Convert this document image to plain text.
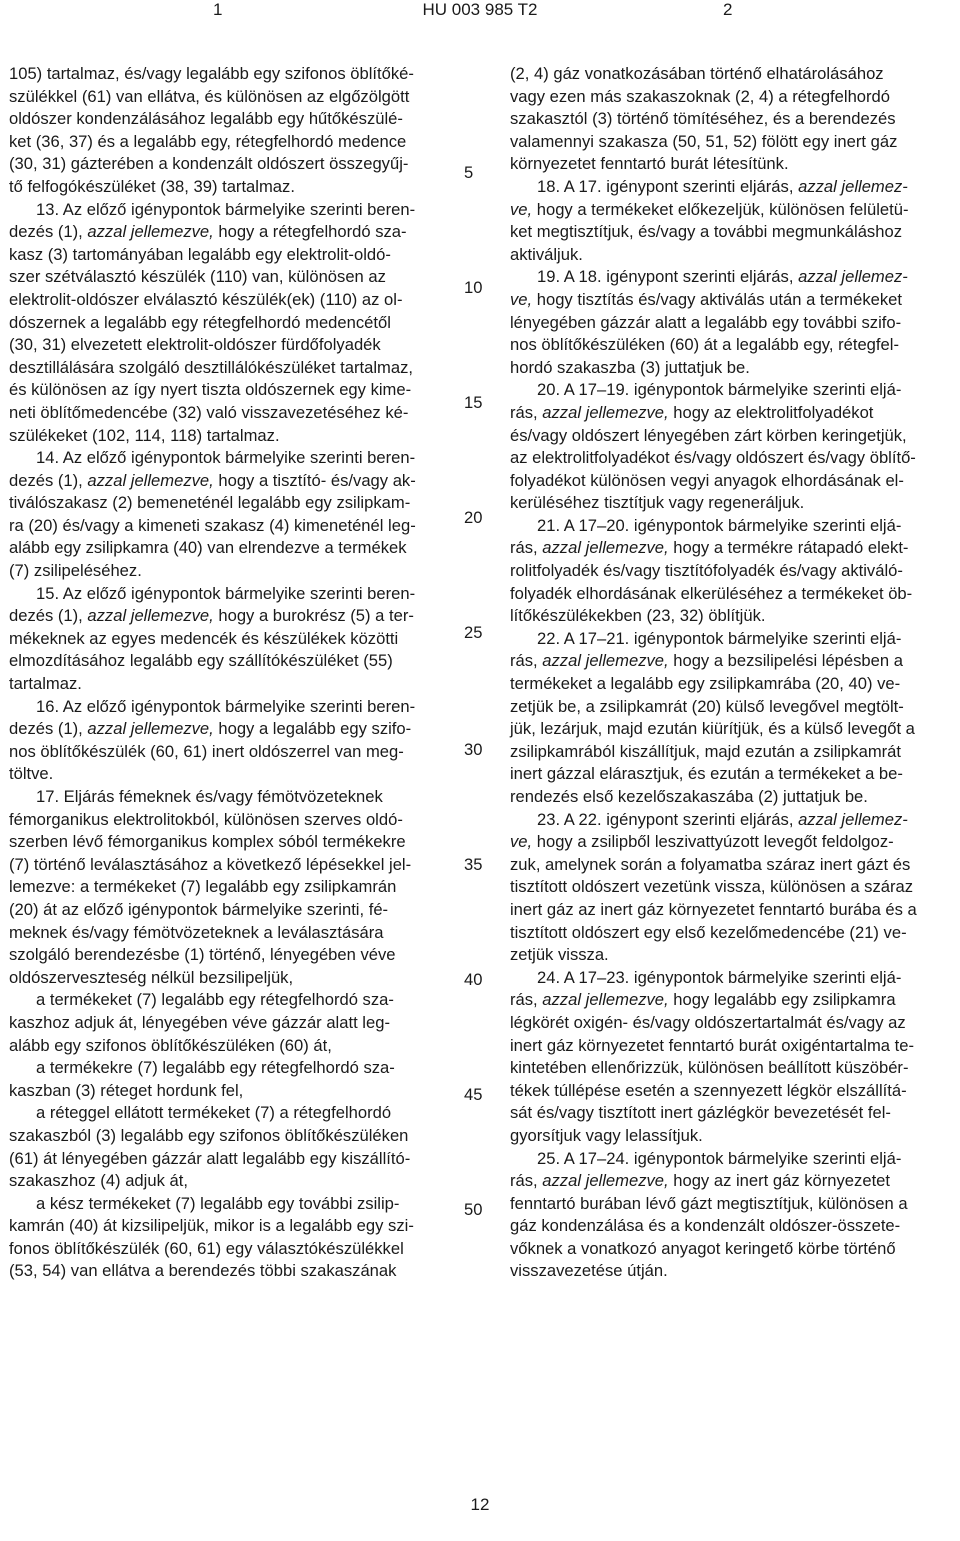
1	HU 003 985 T2	2

105) tartalmaz, és/vagy legalább egy szifonos öblítőké-
szülékkel (61) van ellátva, és különösen az elgőzölgött
oldószer kondenzálásához legalább egy hűtőkészülé-
ket (36, 37) és a legalább egy, rétegfelhordó medence
(30, 31) gázterében a kondenzált oldószert összegyűj-
tő felfogókészüléket (38, 39) tartalmaz.

13. Az előző igénypontok bármelyike szerinti beren-
dezés (1), azzal jellemezve, hogy a rétegfelhordó sza-
kasz (3) tartományában legalább egy elektrolit-oldó-
szer szétválasztó készülék (110) van, különösen az
elektrolit-oldószer elválasztó készülék(ek) (110) az ol-
dószernek a legalább egy rétegfelhordó medencétől
(30, 31) elvezetett elektrolit-oldószer fürdőfolyadék
desztillálására szolgáló desztillálókészüléket tartalmaz,
és különösen az így nyert tiszta oldószernek egy kime-
neti öblítőmedencébe (32) való visszavezetéséhez ké-
szülékeket (102, 114, 118) tartalmaz.

14. Az előző igénypontok bármelyike szerinti beren-
dezés (1), azzal jellemezve, hogy a tisztító- és/vagy ak-
tiválószakasz (2) bemeneténél legalább egy zsilipkam-
ra (20) és/vagy a kimeneti szakasz (4) kimeneténél leg-
alább egy zsilipkamra (40) van elrendezve a termékek
(7) zsilipeléséhez.

15. Az előző igénypontok bármelyike szerinti beren-
dezés (1), azzal jellemezve, hogy a burokrész (5) a ter-
mékeknek az egyes medencék és készülékek közötti
elmozdításához legalább egy szállítókészüléket (55)
tartalmaz.

16. Az előző igénypontok bármelyike szerinti beren-
dezés (1), azzal jellemezve, hogy a legalább egy szifo-
nos öblítőkészülék (60, 61) inert oldószerrel van meg-
töltve.

17. Eljárás fémeknek és/vagy fémötvözeteknek
fémorganikus elektrolitokból, különösen szerves oldó-
szerben lévő fémorganikus komplex sóból termékekre
(7) történő leválasztásához a következő lépésekkel jel-
lemezve: a termékeket (7) legalább egy zsilipkamrán
(20) át az előző igénypontok bármelyike szerinti, fé-
meknek és/vagy fémötvözeteknek a leválasztására
szolgáló berendezésbe (1) történő, lényegében véve
oldószerveszteség nélkül bezsilipeljük,

a termékeket (7) legalább egy rétegfelhordó sza-
kaszhoz adjuk át, lényegében véve gázzár alatt leg-
alább egy szifonos öblítőkészüléken (60) át,

a termékekre (7) legalább egy rétegfelhordó sza-
kaszban (3) réteget hordunk fel,

a réteggel ellátott termékeket (7) a rétegfelhordó
szakaszból (3) legalább egy szifonos öblítőkészüléken
(61) át lényegében gázzár alatt legalább egy kiszállító-
szakaszhoz (4) adjuk át,

a kész termékeket (7) legalább egy további zsilip-
kamrán (40) át kizsilipeljük, mikor is a legalább egy szi-
fonos öblítőkészülék (60, 61) egy választókészülékkel
(53, 54) van ellátva a berendezés többi szakaszának

(2, 4) gáz vonatkozásában történő elhatárolásához
vagy ezen más szakaszoknak (2, 4) a rétegfelhordó
szakasztól (3) történő tömítéséhez, és a berendezés
valamennyi szakasza (50, 51, 52) fölött egy inert gáz
környezetet fenntartó burát létesítünk.

18. A 17. igénypont szerinti eljárás, azzal jellemez-
ve, hogy a termékeket előkezeljük, különösen felületü-
ket megtisztítjuk, és/vagy a további megmunkáláshoz
aktiváljuk.

19. A 18. igénypont szerinti eljárás, azzal jellemez-
ve, hogy tisztítás és/vagy aktiválás után a termékeket
lényegében gázzár alatt a legalább egy további szifo-
nos öblítőkészüléken (60) át a legalább egy, rétegfel-
hordó szakaszba (3) juttatjuk be.

20. A 17–19. igénypontok bármelyike szerinti eljá-
rás, azzal jellemezve, hogy az elektrolitfolyadékot
és/vagy oldószert lényegében zárt körben keringetjük,
az elektrolitfolyadékot és/vagy oldószert és/vagy öblítő-
folyadékot különösen vegyi anyagok elhordásának el-
kerüléséhez tisztítjuk vagy regeneráljuk.

21. A 17–20. igénypontok bármelyike szerinti eljá-
rás, azzal jellemezve, hogy a termékre rátapadó elekt-
rolitfolyadék és/vagy tisztítófolyadék és/vagy aktiváló-
folyadék elhordásának elkerüléséhez a termékeket öb-
lítőkészülékekben (23, 32) öblítjük.

22. A 17–21. igénypontok bármelyike szerinti eljá-
rás, azzal jellemezve, hogy a bezsilipelési lépésben a
termékeket a legalább egy zsilipkamrába (20, 40) ve-
zetjük be, a zsilipkamrát (20) külső levegővel megtölt-
jük, lezárjuk, majd ezután kiürítjük, és a külső levegőt a
zsilipkamrából kiszállítjuk, majd ezután a zsilipkamrát
inert gázzal elárasztjuk, és ezután a termékeket a be-
rendezés első kezelőszakaszába (2) juttatjuk be.

23. A 22. igénypont szerinti eljárás, azzal jellemez-
ve, hogy a zsilipből leszivattyúzott levegőt feldolgoz-
zuk, amelynek során a folyamatba száraz inert gázt és
tisztított oldószert vezetünk vissza, különösen a száraz
inert gáz az inert gáz környezetet fenntartó burába és a
tisztított oldószert egy első kezelőmedencébe (21) ve-
zetjük vissza.

24. A 17–23. igénypontok bármelyike szerinti eljá-
rás, azzal jellemezve, hogy legalább egy zsilipkamra
légkörét oxigén- és/vagy oldószertartalmát és/vagy az
inert gáz környezetet fenntartó burát oxigéntartalma te-
kintetében ellenőrizzük, különösen beállított küszöbér-
tékek túllépése esetén a szennyezett légkör elszállítá-
sát és/vagy tisztított inert gázlégkör bevezetését fel-
gyorsítjuk vagy lelassítjuk.

25. A 17–24. igénypontok bármelyike szerinti eljá-
rás, azzal jellemezve, hogy az inert gáz környezetet
fenntartó burában lévő gázt megtisztítjuk, különösen a
gáz kondenzálása és a kondenzált oldószer-összete-
vőknek a vonatkozó anyagot keringető körbe történő
visszavezetése útján.

5
10
15
20
25
30
35
40
45
50
12
